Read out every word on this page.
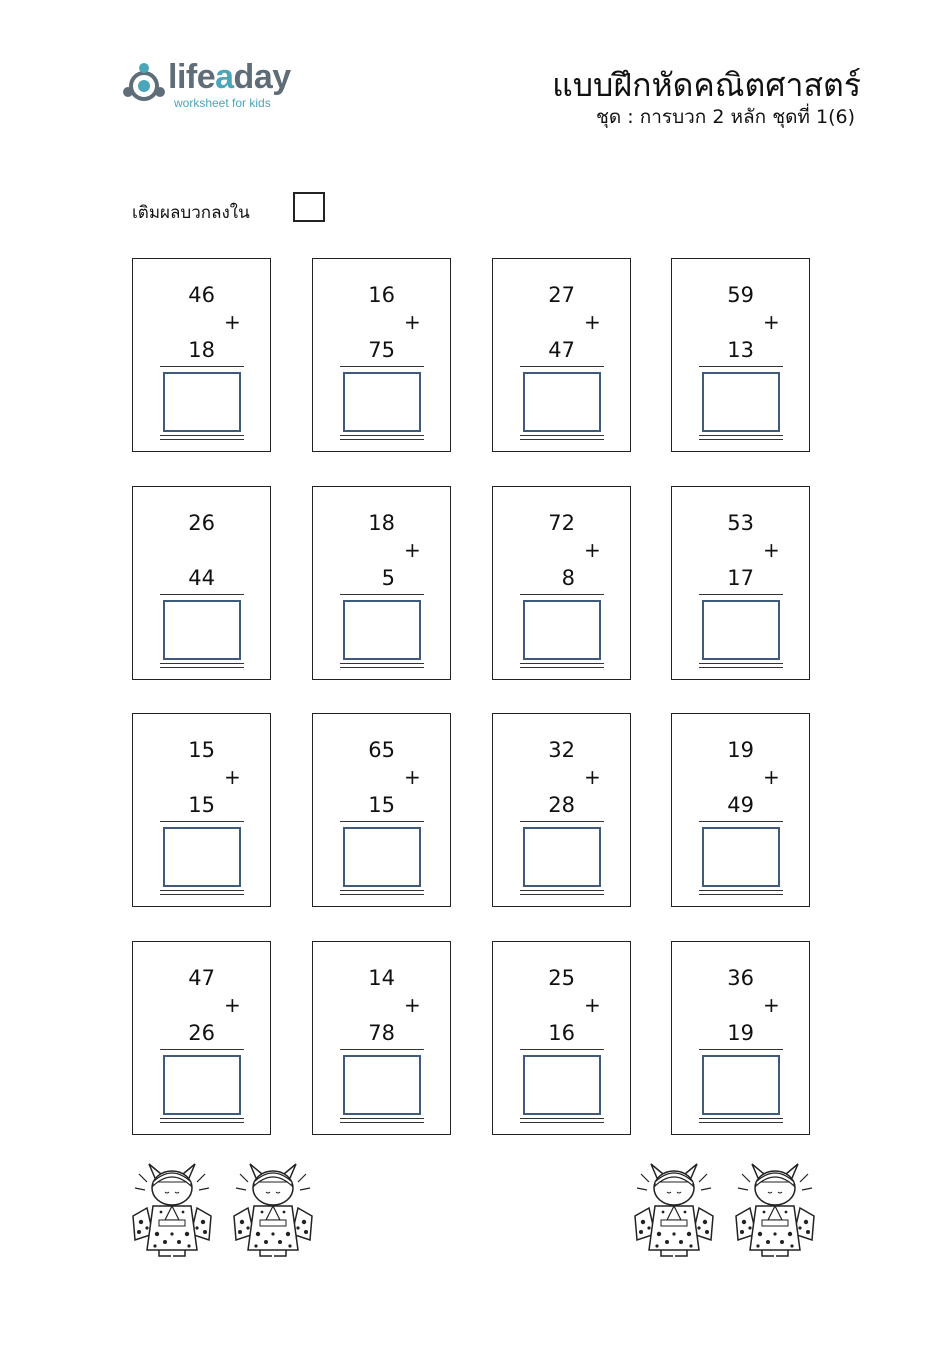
lifeaday
worksheet for kids	แบบฝึกหัดคณิตศาสตร์
ชุด : การบวก 2 หลัก ชุดที่ 1(6)
เติมผลบวกลงใน
46
+
18
16
+
75
27
+
47
59
+
13
26
44
18
+
5
72
+
8
53
+
17
15
+
15
65
+
15
32
+
28
19
+
49
47
+
26
14
+
78
25
+
16
36
+
19
